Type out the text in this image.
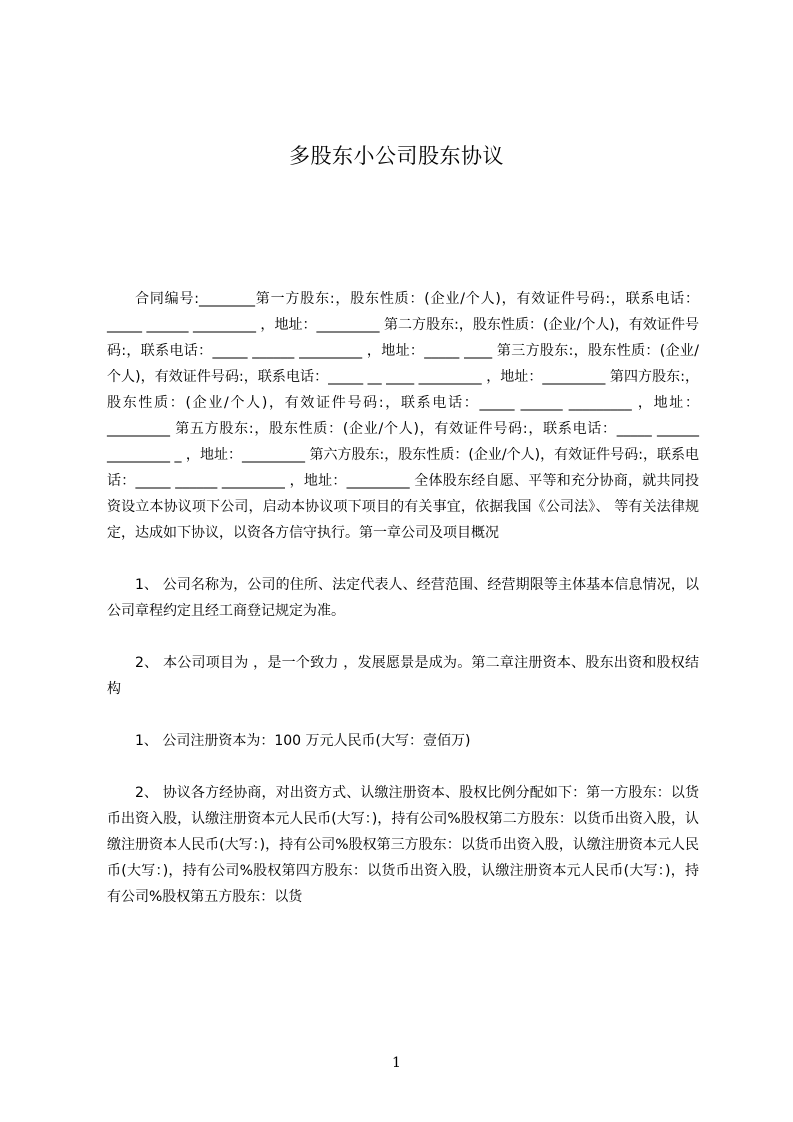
多股东小公司股东协议

合同编号:________第一方股东:，股东性质：(企业/个人)，有效证件号码:，联系电话：_____ ______ _________ ，地址：_________ 第二方股东:，股东性质：(企业/个人)，有效证件号码:，联系电话：_____ ______ _________ ，地址：_____ ____ 第三方股东:，股东性质：(企业/个人)，有效证件号码:，联系电话：_____ __ ____ _________ ，地址：_________ 第四方股东:，股东性质：(企业/个人)，有效证件号码:，联系电话：_____ ______ _________ ，地址：_________ 第五方股东:，股东性质：(企业/个人)，有效证件号码:，联系电话：_____ ______ _________ _ ，地址：_________ 第六方股东:，股东性质：(企业/个人)，有效证件号码:，联系电话：_____ ______ _________ ，地址：_________ 全体股东经自愿、平等和充分协商，就共同投资设立本协议项下公司，启动本协议项下项目的有关事宜，依据我国《公司法》、 等有关法律规定，达成如下协议，以资各方信守执行。第一章公司及项目概况

1、 公司名称为，公司的住所、法定代表人、经营范围、经营期限等主体基本信息情况，以公司章程约定且经工商登记规定为准。

2、 本公司项目为 ，是一个致力 ，发展愿景是成为。第二章注册资本、股东出资和股权结构

1、 公司注册资本为：100 万元人民币(大写：壹佰万)

2、 协议各方经协商，对出资方式、认缴注册资本、股权比例分配如下：第一方股东：以货币出资入股，认缴注册资本元人民币(大写：)，持有公司%股权第二方股东：以货币出资入股，认缴注册资本人民币(大写：)，持有公司%股权第三方股东：以货币出资入股，认缴注册资本元人民币(大写：)，持有公司%股权第四方股东：以货币出资入股，认缴注册资本元人民币(大写：)，持有公司%股权第五方股东：以货

1
